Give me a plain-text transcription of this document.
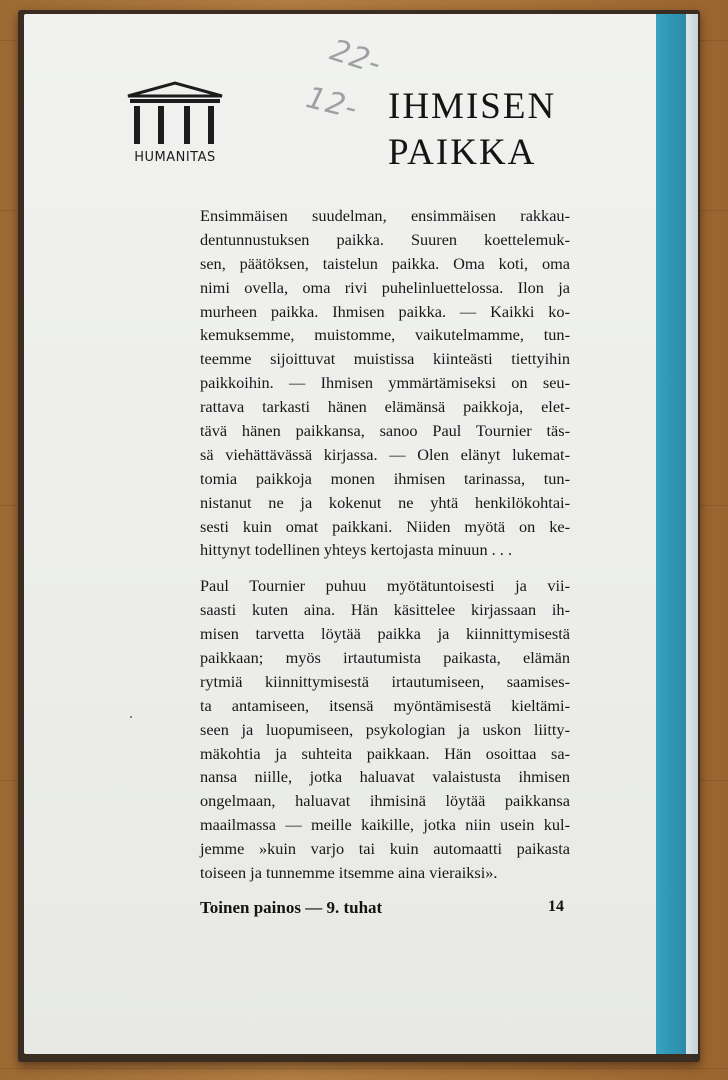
22-
12-
HUMANITAS
IHMISEN
PAIKKA
Ensimmäisen suudelman, ensimmäisen rakkau-
dentunnustuksen paikka. Suuren koettelemuk-
sen, päätöksen, taistelun paikka. Oma koti, oma
nimi ovella, oma rivi puhelinluettelossa. Ilon ja
murheen paikka. Ihmisen paikka. — Kaikki ko-
kemuksemme, muistomme, vaikutelmamme, tun-
teemme sijoittuvat muistissa kiinteästi tiettyihin
paikkoihin. — Ihmisen ymmärtämiseksi on seu-
rattava tarkasti hänen elämänsä paikkoja, elet-
tävä hänen paikkansa, sanoo Paul Tournier täs-
sä viehättävässä kirjassa. — Olen elänyt lukemat-
tomia paikkoja monen ihmisen tarinassa, tun-
nistanut ne ja kokenut ne yhtä henkilökohtai-
sesti kuin omat paikkani. Niiden myötä on ke-
hittynyt todellinen yhteys kertojasta minuun . . .
Paul Tournier puhuu myötätuntoisesti ja vii-
saasti kuten aina. Hän käsittelee kirjassaan ih-
misen tarvetta löytää paikka ja kiinnittymisestä
paikkaan; myös irtautumista paikasta, elämän
rytmiä kiinnittymisestä irtautumiseen, saamises-
ta antamiseen, itsensä myöntämisestä kieltämi-
seen ja luopumiseen, psykologian ja uskon liitty-
mäkohtia ja suhteita paikkaan. Hän osoittaa sa-
nansa niille, jotka haluavat valaistusta ihmisen
ongelmaan, haluavat ihmisinä löytää paikkansa
maailmassa — meille kaikille, jotka niin usein kul-
jemme »kuin varjo tai kuin automaatti paikasta
toiseen ja tunnemme itsemme aina vieraiksi».
Toinen painos — 9. tuhat	14
